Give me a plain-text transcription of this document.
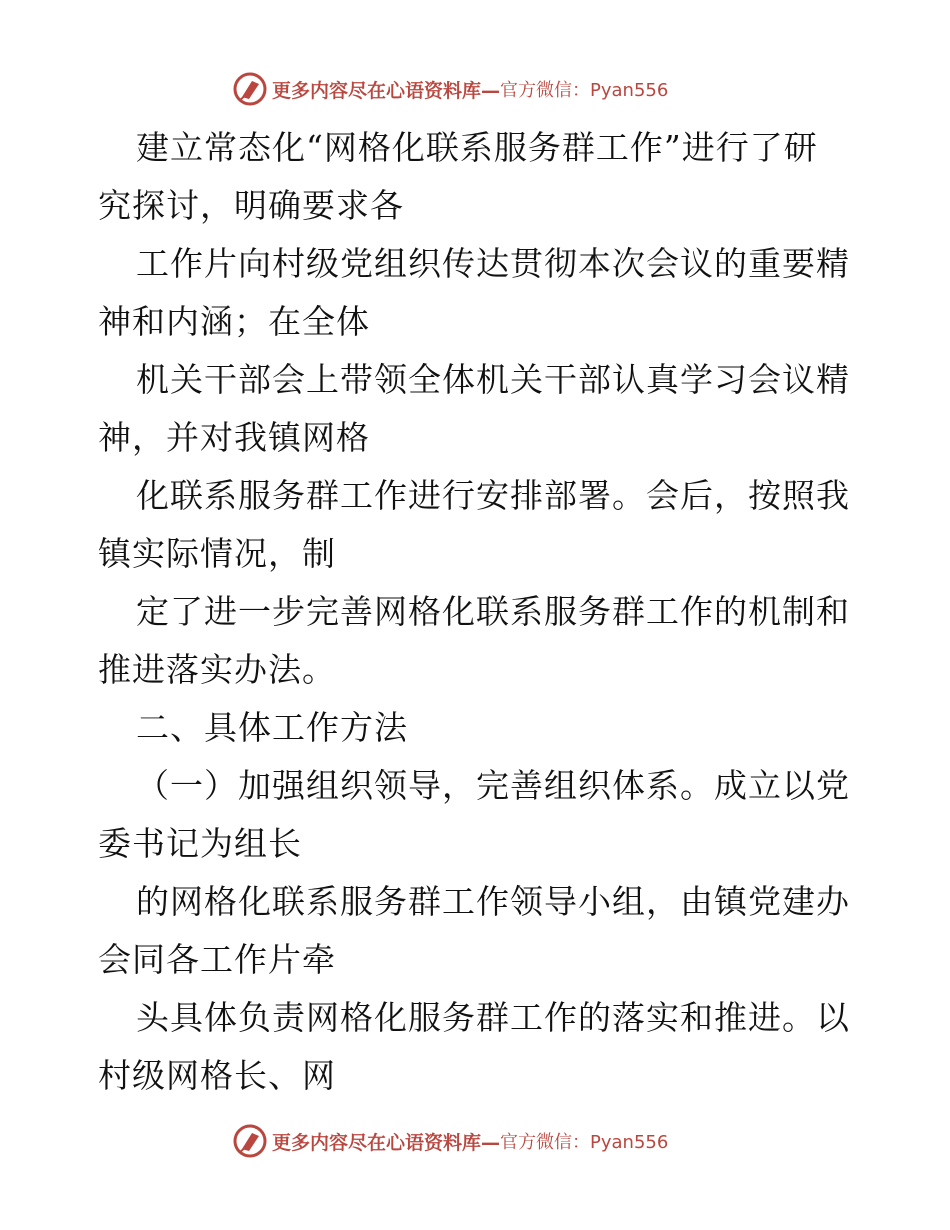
更多内容尽在心语资料库— 官方微信：Pyan556
建立常态化“网格化联系服务群工作”进行了研
究探讨，明确要求各
工作片向村级党组织传达贯彻本次会议的重要精
神和内涵；在全体
机关干部会上带领全体机关干部认真学习会议精
神，并对我镇网格
化联系服务群工作进行安排部署。会后，按照我
镇实际情况，制
定了进一步完善网格化联系服务群工作的机制和
推进落实办法。
二、具体工作方法
（一）加强组织领导，完善组织体系。成立以党
委书记为组长
的网格化联系服务群工作领导小组，由镇党建办
会同各工作片牵
头具体负责网格化服务群工作的落实和推进。以
村级网格长、网
更多内容尽在心语资料库— 官方微信：Pyan556
